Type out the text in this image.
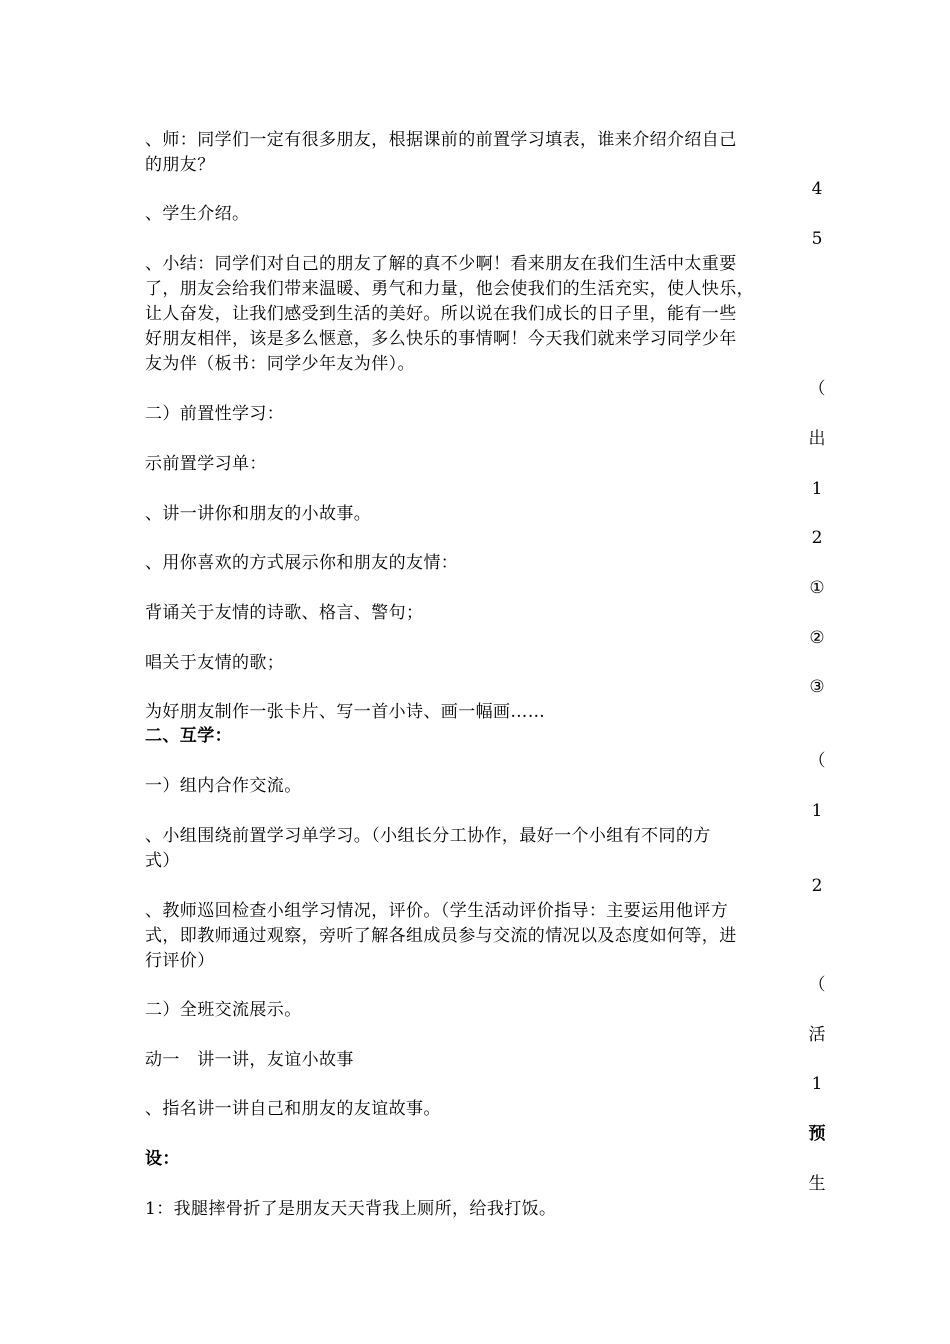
、师：同学们一定有很多朋友，根据课前的前置学习填表，谁来介绍介绍自己

的朋友？

、学生介绍。

、小结：同学们对自己的朋友了解的真不少啊！看来朋友在我们生活中太重要

了，朋友会给我们带来温暖、勇气和力量，他会使我们的生活充实，使人快乐，

让人奋发，让我们感受到生活的美好。所以说在我们成长的日子里，能有一些

好朋友相伴，该是多么惬意，多么快乐的事情啊！今天我们就来学习同学少年

友为伴（板书：同学少年友为伴）。

二）前置性学习：

示前置学习单：

、讲一讲你和朋友的小故事。

、用你喜欢的方式展示你和朋友的友情：

背诵关于友情的诗歌、格言、警句；

唱关于友情的歌；

为好朋友制作一张卡片、写一首小诗、画一幅画……

二、互学：

一）组内合作交流。

、小组围绕前置学习单学习。（小组长分工协作，最好一个小组有不同的方

式）

、教师巡回检查小组学习情况，评价。（学生活动评价指导：主要运用他评方

式，即教师通过观察，旁听了解各组成员参与交流的情况以及态度如何等，进

行评价）

二）全班交流展示。

动一　讲一讲，友谊小故事

、指名讲一讲自己和朋友的友谊故事。

设：

1：我腿摔骨折了是朋友天天背我上厕所，给我打饭。

4

5

（

出

1

2

①

②

③

（

1

2

（

活

1

预

生
